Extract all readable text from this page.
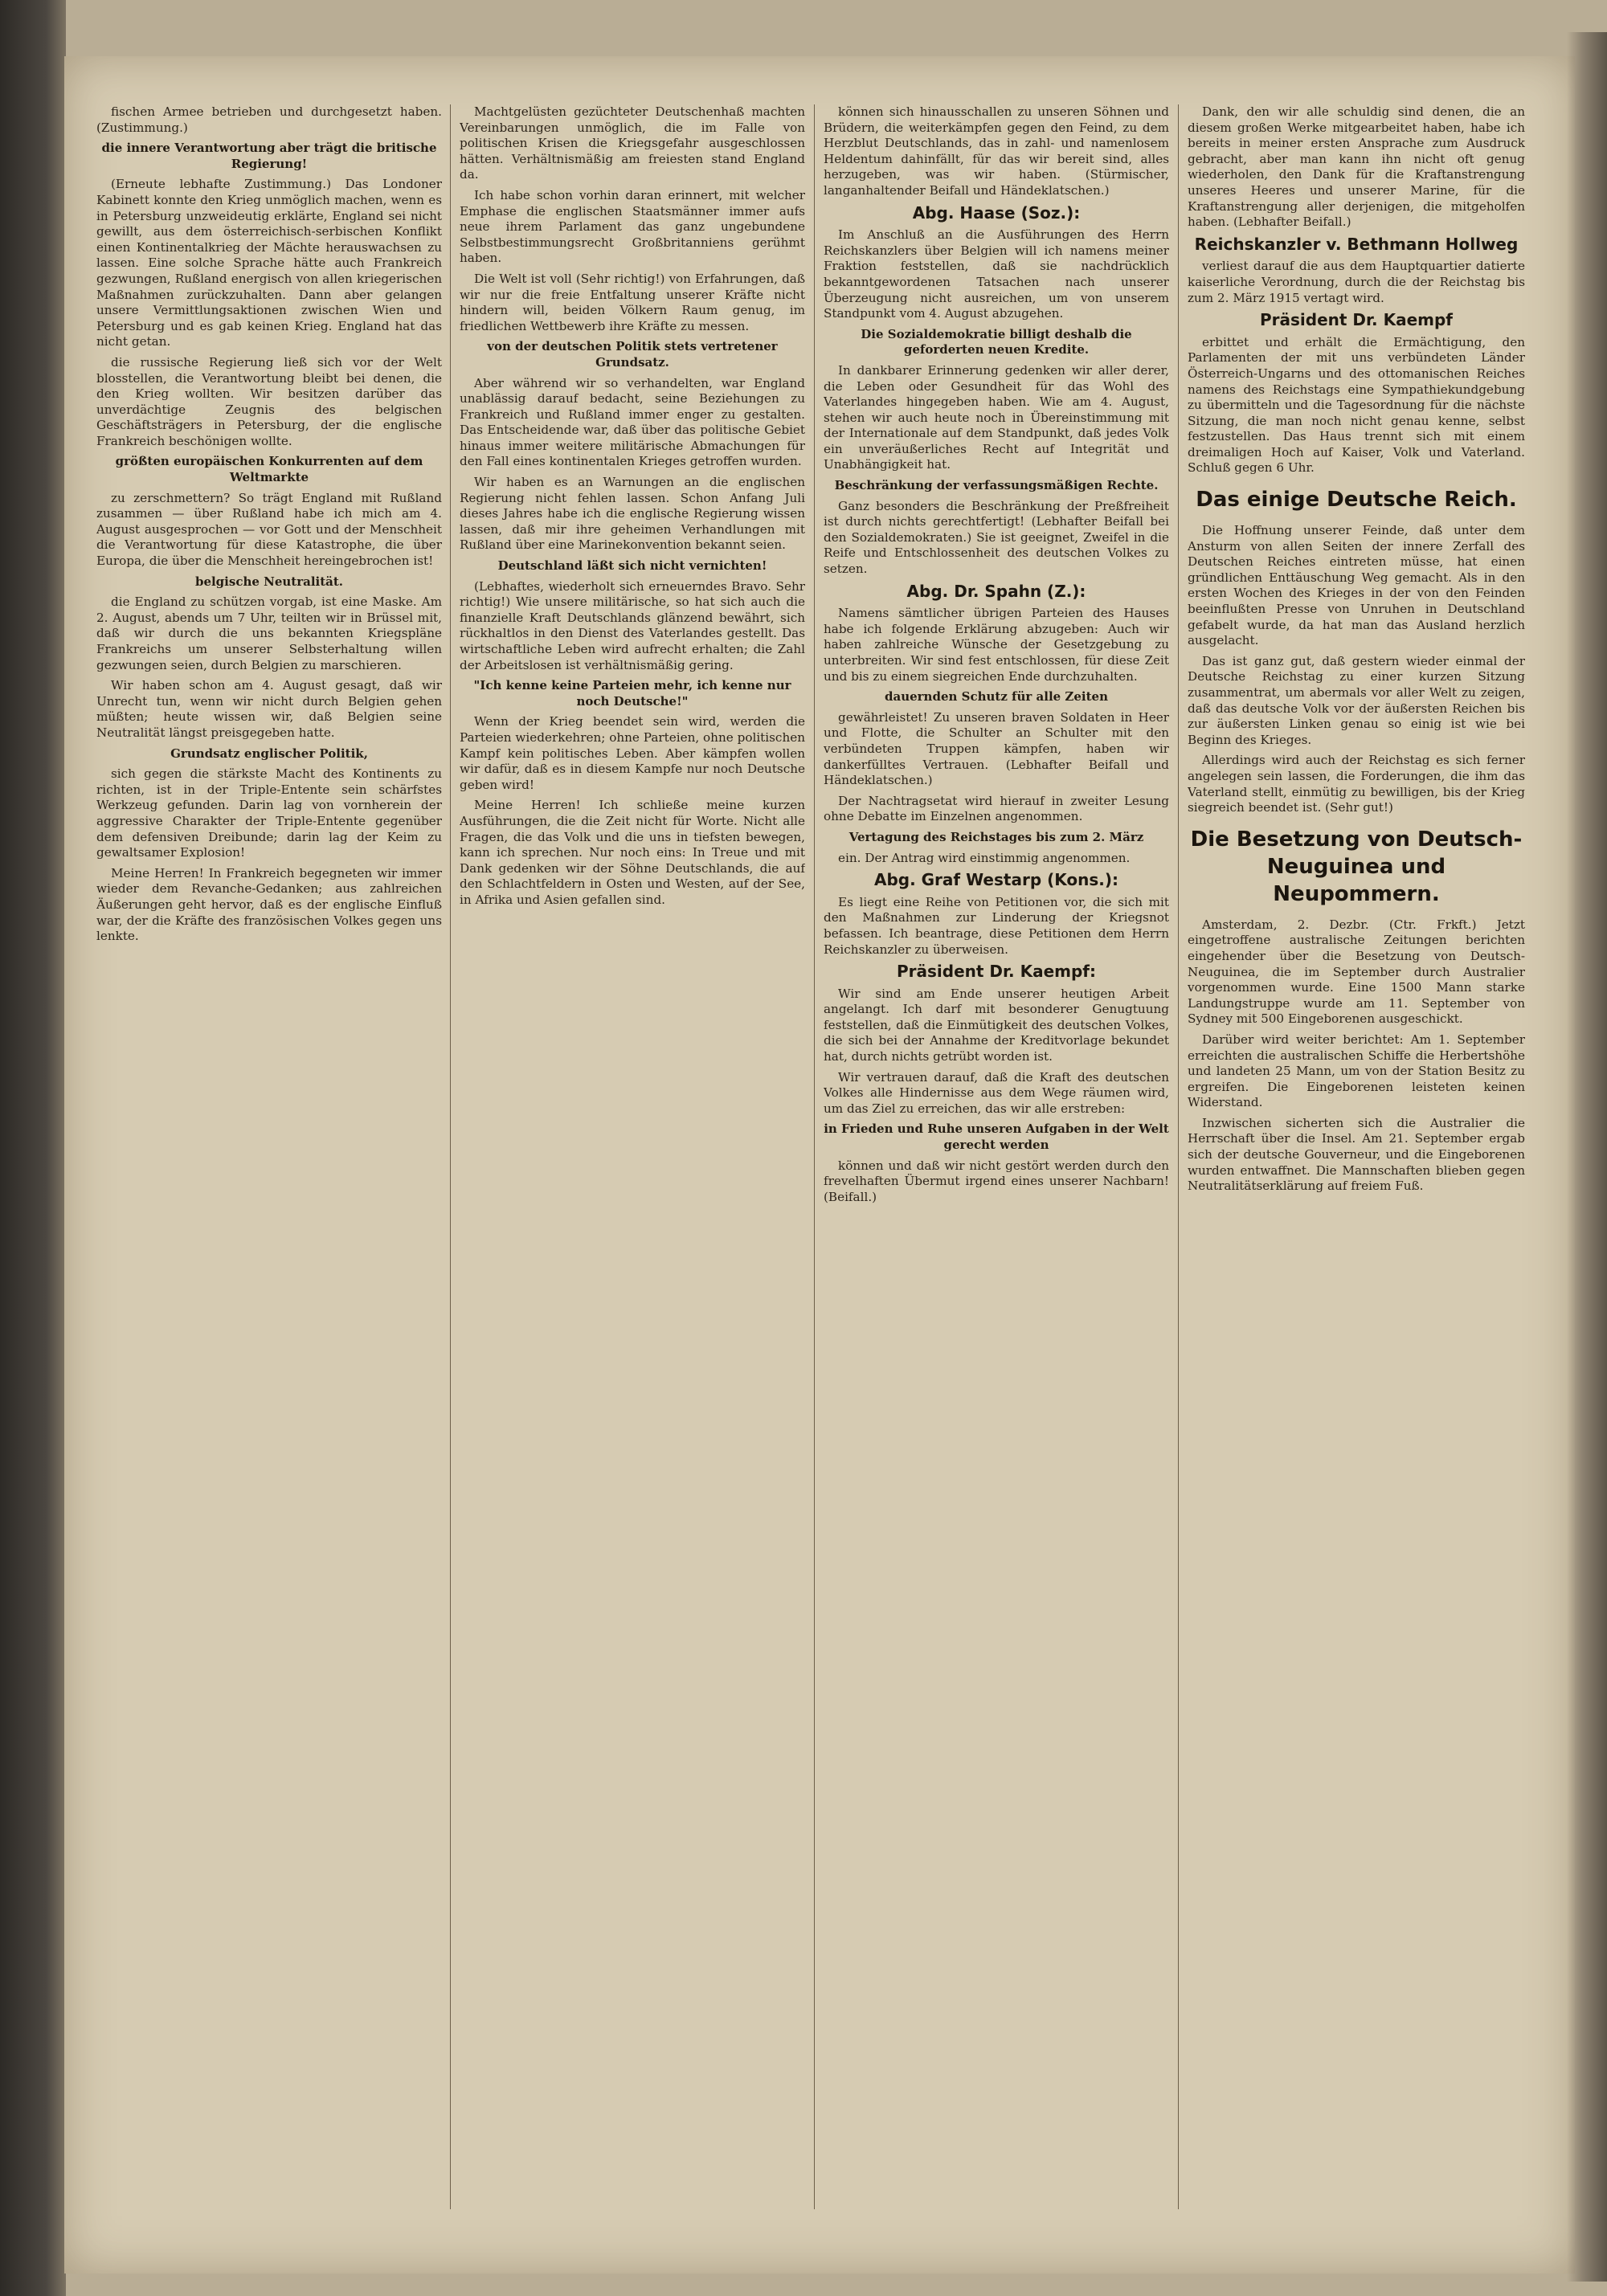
fischen Armee betrieben und durchgesetzt haben. (Zustimmung.)

die innere Verantwortung aber trägt die britische Regierung!

(Erneute lebhafte Zustimmung.) Das Londoner Kabinett konnte den Krieg unmöglich machen, wenn es in Petersburg unzweideutig erklärte, England sei nicht gewillt, aus dem österreichisch-serbischen Konflikt einen Kontinentalkrieg der Mächte herauswachsen zu lassen. Eine solche Sprache hätte auch Frankreich gezwungen, Rußland energisch von allen kriegerischen Maßnahmen zurückzuhalten. Dann aber gelangen unsere Vermittlungsaktionen zwischen Wien und Petersburg und es gab keinen Krieg. England hat das nicht getan.

die russische Regierung ließ sich vor der Welt blosstellen, die Verantwortung bleibt bei denen, die den Krieg wollten. Wir besitzen darüber das unverdächtige Zeugnis des belgischen Geschäftsträgers in Petersburg, der die englische Frankreich beschönigen wollte.

größten europäischen Konkurrenten auf dem Weltmarkte

zu zerschmettern? So trägt England mit Rußland zusammen — über Rußland habe ich mich am 4. August ausgesprochen — vor Gott und der Menschheit die Verantwortung für diese Katastrophe, die über Europa, die über die Menschheit hereingebrochen ist!

belgische Neutralität.

die England zu schützen vorgab, ist eine Maske. Am 2. August, abends um 7 Uhr, teilten wir in Brüssel mit, daß wir durch die uns bekannten Kriegspläne Frankreichs um unserer Selbsterhaltung willen gezwungen seien, durch Belgien zu marschieren.

Wir haben schon am 4. August gesagt, daß wir Unrecht tun, wenn wir nicht durch Belgien gehen müßten; heute wissen wir, daß Belgien seine Neutralität längst preisgegeben hatte.

Grundsatz englischer Politik,

sich gegen die stärkste Macht des Kontinents zu richten, ist in der Triple-Entente sein schärfstes Werkzeug gefunden. Darin lag von vornherein der aggressive Charakter der Triple-Entente gegenüber dem defensiven Dreibunde; darin lag der Keim zu gewaltsamer Explosion!

Meine Herren! In Frankreich begegneten wir immer wieder dem Revanche-Gedanken; aus zahlreichen Äußerungen geht hervor, daß es der englische Einfluß war, der die Kräfte des französischen Volkes gegen uns lenkte.

Machtgelüsten gezüchteter Deutschenhaß machten Vereinbarungen unmöglich, die im Falle von politischen Krisen die Kriegsgefahr ausgeschlossen hätten. Verhältnismäßig am freiesten stand England da.

Ich habe schon vorhin daran erinnert, mit welcher Emphase die englischen Staatsmänner immer aufs neue ihrem Parlament das ganz ungebundene Selbstbestimmungsrecht Großbritanniens gerühmt haben.

Die Welt ist voll (Sehr richtig!) von Erfahrungen, daß wir nur die freie Entfaltung unserer Kräfte nicht hindern will, beiden Völkern Raum genug, im friedlichen Wettbewerb ihre Kräfte zu messen.

von der deutschen Politik stets vertretener Grundsatz.

Aber während wir so verhandelten, war England unablässig darauf bedacht, seine Beziehungen zu Frankreich und Rußland immer enger zu gestalten. Das Entscheidende war, daß über das politische Gebiet hinaus immer weitere militärische Abmachungen für den Fall eines kontinentalen Krieges getroffen wurden.

Wir haben es an Warnungen an die englischen Regierung nicht fehlen lassen. Schon Anfang Juli dieses Jahres habe ich die englische Regierung wissen lassen, daß mir ihre geheimen Verhandlungen mit Rußland über eine Marinekonvention bekannt seien.

Deutschland läßt sich nicht vernichten!

(Lebhaftes, wiederholt sich erneuerndes Bravo. Sehr richtig!) Wie unsere militärische, so hat sich auch die finanzielle Kraft Deutschlands glänzend bewährt, sich rückhaltlos in den Dienst des Vaterlandes gestellt. Das wirtschaftliche Leben wird aufrecht erhalten; die Zahl der Arbeitslosen ist verhältnismäßig gering.

"Ich kenne keine Parteien mehr, ich kenne nur noch Deutsche!"

Wenn der Krieg beendet sein wird, werden die Parteien wiederkehren; ohne Parteien, ohne politischen Kampf kein politisches Leben. Aber kämpfen wollen wir dafür, daß es in diesem Kampfe nur noch Deutsche geben wird!

Meine Herren! Ich schließe meine kurzen Ausführungen, die die Zeit nicht für Worte. Nicht alle Fragen, die das Volk und die uns in tiefsten bewegen, kann ich sprechen. Nur noch eins: In Treue und mit Dank gedenken wir der Söhne Deutschlands, die auf den Schlachtfeldern in Osten und Westen, auf der See, in Afrika und Asien gefallen sind.

können sich hinausschallen zu unseren Söhnen und Brüdern, die weiterkämpfen gegen den Feind, zu dem Herzblut Deutschlands, das in zahl- und namenlosem Heldentum dahinfällt, für das wir bereit sind, alles herzugeben, was wir haben. (Stürmischer, langanhaltender Beifall und Händeklatschen.)

Abg. Haase (Soz.):

Im Anschluß an die Ausführungen des Herrn Reichskanzlers über Belgien will ich namens meiner Fraktion feststellen, daß sie nachdrücklich bekanntgewordenen Tatsachen nach unserer Überzeugung nicht ausreichen, um von unserem Standpunkt vom 4. August abzugehen.

Die Sozialdemokratie billigt deshalb die geforderten neuen Kredite.

In dankbarer Erinnerung gedenken wir aller derer, die Leben oder Gesundheit für das Wohl des Vaterlandes hingegeben haben. Wie am 4. August, stehen wir auch heute noch in Übereinstimmung mit der Internationale auf dem Standpunkt, daß jedes Volk ein unveräußerliches Recht auf Integrität und Unabhängigkeit hat.

Beschränkung der verfassungsmäßigen Rechte.

Ganz besonders die Beschränkung der Preßfreiheit ist durch nichts gerechtfertigt! (Lebhafter Beifall bei den Sozialdemokraten.) Sie ist geeignet, Zweifel in die Reife und Entschlossenheit des deutschen Volkes zu setzen.

Abg. Dr. Spahn (Z.):

Namens sämtlicher übrigen Parteien des Hauses habe ich folgende Erklärung abzugeben: Auch wir haben zahlreiche Wünsche der Gesetzgebung zu unterbreiten. Wir sind fest entschlossen, für diese Zeit und bis zu einem siegreichen Ende durchzuhalten.

dauernden Schutz für alle Zeiten

gewährleistet! Zu unseren braven Soldaten in Heer und Flotte, die Schulter an Schulter mit den verbündeten Truppen kämpfen, haben wir dankerfülltes Vertrauen. (Lebhafter Beifall und Händeklatschen.)

Der Nachtragsetat wird hierauf in zweiter Lesung ohne Debatte im Einzelnen angenommen.

Vertagung des Reichstages bis zum 2. März

ein. Der Antrag wird einstimmig angenommen.

Abg. Graf Westarp (Kons.):

Es liegt eine Reihe von Petitionen vor, die sich mit den Maßnahmen zur Linderung der Kriegsnot befassen. Ich beantrage, diese Petitionen dem Herrn Reichskanzler zu überweisen.

Präsident Dr. Kaempf:

Wir sind am Ende unserer heutigen Arbeit angelangt. Ich darf mit besonderer Genugtuung feststellen, daß die Einmütigkeit des deutschen Volkes, die sich bei der Annahme der Kreditvorlage bekundet hat, durch nichts getrübt worden ist.

Wir vertrauen darauf, daß die Kraft des deutschen Volkes alle Hindernisse aus dem Wege räumen wird, um das Ziel zu erreichen, das wir alle erstreben:

in Frieden und Ruhe unseren Aufgaben in der Welt gerecht werden

können und daß wir nicht gestört werden durch den frevelhaften Übermut irgend eines unserer Nachbarn! (Beifall.)

Dank, den wir alle schuldig sind denen, die an diesem großen Werke mitgearbeitet haben, habe ich bereits in meiner ersten Ansprache zum Ausdruck gebracht, aber man kann ihn nicht oft genug wiederholen, den Dank für die Kraftanstrengung unseres Heeres und unserer Marine, für die Kraftanstrengung aller derjenigen, die mitgeholfen haben. (Lebhafter Beifall.)

Reichskanzler v. Bethmann Hollweg

verliest darauf die aus dem Hauptquartier datierte kaiserliche Verordnung, durch die der Reichstag bis zum 2. März 1915 vertagt wird.

Präsident Dr. Kaempf

erbittet und erhält die Ermächtigung, den Parlamenten der mit uns verbündeten Länder Österreich-Ungarns und des ottomanischen Reiches namens des Reichstags eine Sympathiekundgebung zu übermitteln und die Tagesordnung für die nächste Sitzung, die man noch nicht genau kenne, selbst festzustellen. Das Haus trennt sich mit einem dreimaligen Hoch auf Kaiser, Volk und Vaterland. Schluß gegen 6 Uhr.

Das einige Deutsche Reich.

Die Hoffnung unserer Feinde, daß unter dem Ansturm von allen Seiten der innere Zerfall des Deutschen Reiches eintreten müsse, hat einen gründlichen Enttäuschung Weg gemacht. Als in den ersten Wochen des Krieges in der von den Feinden beeinflußten Presse von Unruhen in Deutschland gefabelt wurde, da hat man das Ausland herzlich ausgelacht.

Das ist ganz gut, daß gestern wieder einmal der Deutsche Reichstag zu einer kurzen Sitzung zusammentrat, um abermals vor aller Welt zu zeigen, daß das deutsche Volk vor der äußersten Reichen bis zur äußersten Linken genau so einig ist wie bei Beginn des Krieges.

Allerdings wird auch der Reichstag es sich ferner angelegen sein lassen, die Forderungen, die ihm das Vaterland stellt, einmütig zu bewilligen, bis der Krieg siegreich beendet ist. (Sehr gut!)

Die Besetzung von Deutsch-Neuguinea und Neupommern.

Amsterdam, 2. Dezbr. (Ctr. Frkft.) Jetzt eingetroffene australische Zeitungen berichten eingehender über die Besetzung von Deutsch-Neuguinea, die im September durch Australier vorgenommen wurde. Eine 1500 Mann starke Landungstruppe wurde am 11. September von Sydney mit 500 Eingeborenen ausgeschickt.

Darüber wird weiter berichtet: Am 1. September erreichten die australischen Schiffe die Herbertshöhe und landeten 25 Mann, um von der Station Besitz zu ergreifen. Die Eingeborenen leisteten keinen Widerstand.

Inzwischen sicherten sich die Australier die Herrschaft über die Insel. Am 21. September ergab sich der deutsche Gouverneur, und die Eingeborenen wurden entwaffnet. Die Mannschaften blieben gegen Neutralitätserklärung auf freiem Fuß.
